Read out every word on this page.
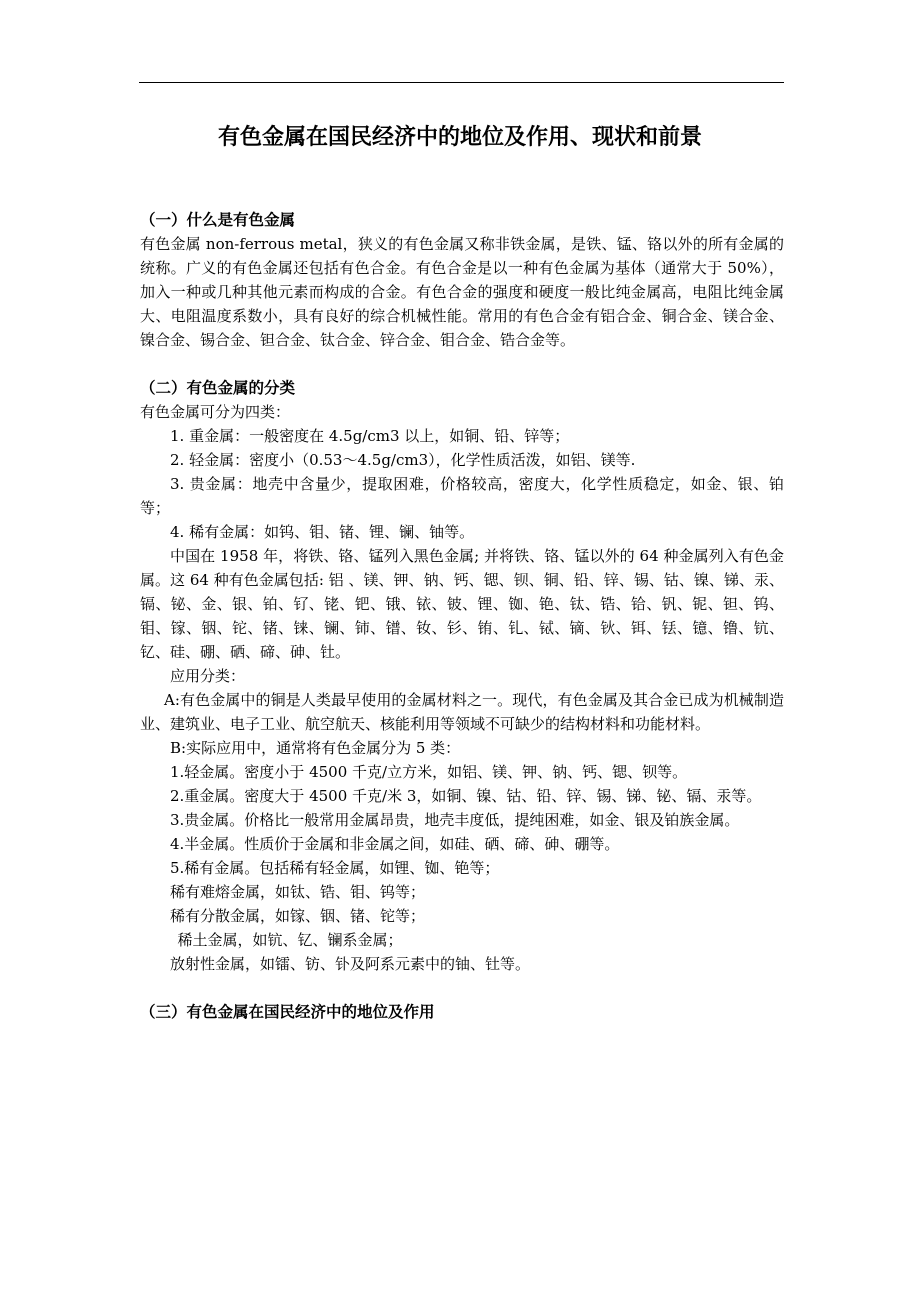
有色金属在国民经济中的地位及作用、现状和前景
（一）什么是有色金属

有色金属 non-ferrous metal，狭义的有色金属又称非铁金属，是铁、锰、铬以外的所有金属的统称。广义的有色金属还包括有色合金。有色合金是以一种有色金属为基体（通常大于 50%），加入一种或几种其他元素而构成的合金。有色合金的强度和硬度一般比纯金属高，电阻比纯金属大、电阻温度系数小，具有良好的综合机械性能。常用的有色合金有铝合金、铜合金、镁合金、镍合金、锡合金、钽合金、钛合金、锌合金、钼合金、锆合金等。

（二）有色金属的分类

有色金属可分为四类：

1. 重金属：一般密度在 4.5g/cm3 以上，如铜、铅、锌等；

2. 轻金属：密度小（0.53～4.5g/cm3），化学性质活泼，如铝、镁等.

3. 贵金属：地壳中含量少，提取困难，价格较高，密度大，化学性质稳定，如金、银、铂等；

4. 稀有金属：如钨、钼、锗、锂、镧、铀等。

中国在 1958 年，将铁、铬、锰列入黑色金属; 并将铁、铬、锰以外的 64 种金属列入有色金属。这 64 种有色金属包括: 铝 、镁、钾、钠、钙、锶、钡、铜、铅、锌、锡、钴、镍、锑、汞、镉、铋、金、银、铂、钌、铑、钯、锇、铱、铍、锂、铷、铯、钛、锆、铪、钒、铌、钽、钨、钼、镓、铟、铊、锗、铼、镧、铈、镨、钕、钐、铕、钆、铽、镝、钬、铒、铥、镱、镥、钪、钇、硅、硼、硒、碲、砷、钍。

应用分类：

A:有色金属中的铜是人类最早使用的金属材料之一。现代，有色金属及其合金已成为机械制造业、建筑业、电子工业、航空航天、核能利用等领域不可缺少的结构材料和功能材料。

B:实际应用中，通常将有色金属分为 5 类：

1.轻金属。密度小于 4500 千克/立方米，如铝、镁、钾、钠、钙、锶、钡等。

2.重金属。密度大于 4500 千克/米 3，如铜、镍、钴、铅、锌、锡、锑、铋、镉、汞等。

3.贵金属。价格比一般常用金属昂贵，地壳丰度低，提纯困难，如金、银及铂族金属。

4.半金属。性质价于金属和非金属之间，如硅、硒、碲、砷、硼等。

5.稀有金属。包括稀有轻金属，如锂、铷、铯等；

稀有难熔金属，如钛、锆、钼、钨等；

稀有分散金属，如镓、铟、锗、铊等；

稀土金属，如钪、钇、镧系金属；

放射性金属，如镭、钫、钋及阿系元素中的铀、钍等。

（三）有色金属在国民经济中的地位及作用
